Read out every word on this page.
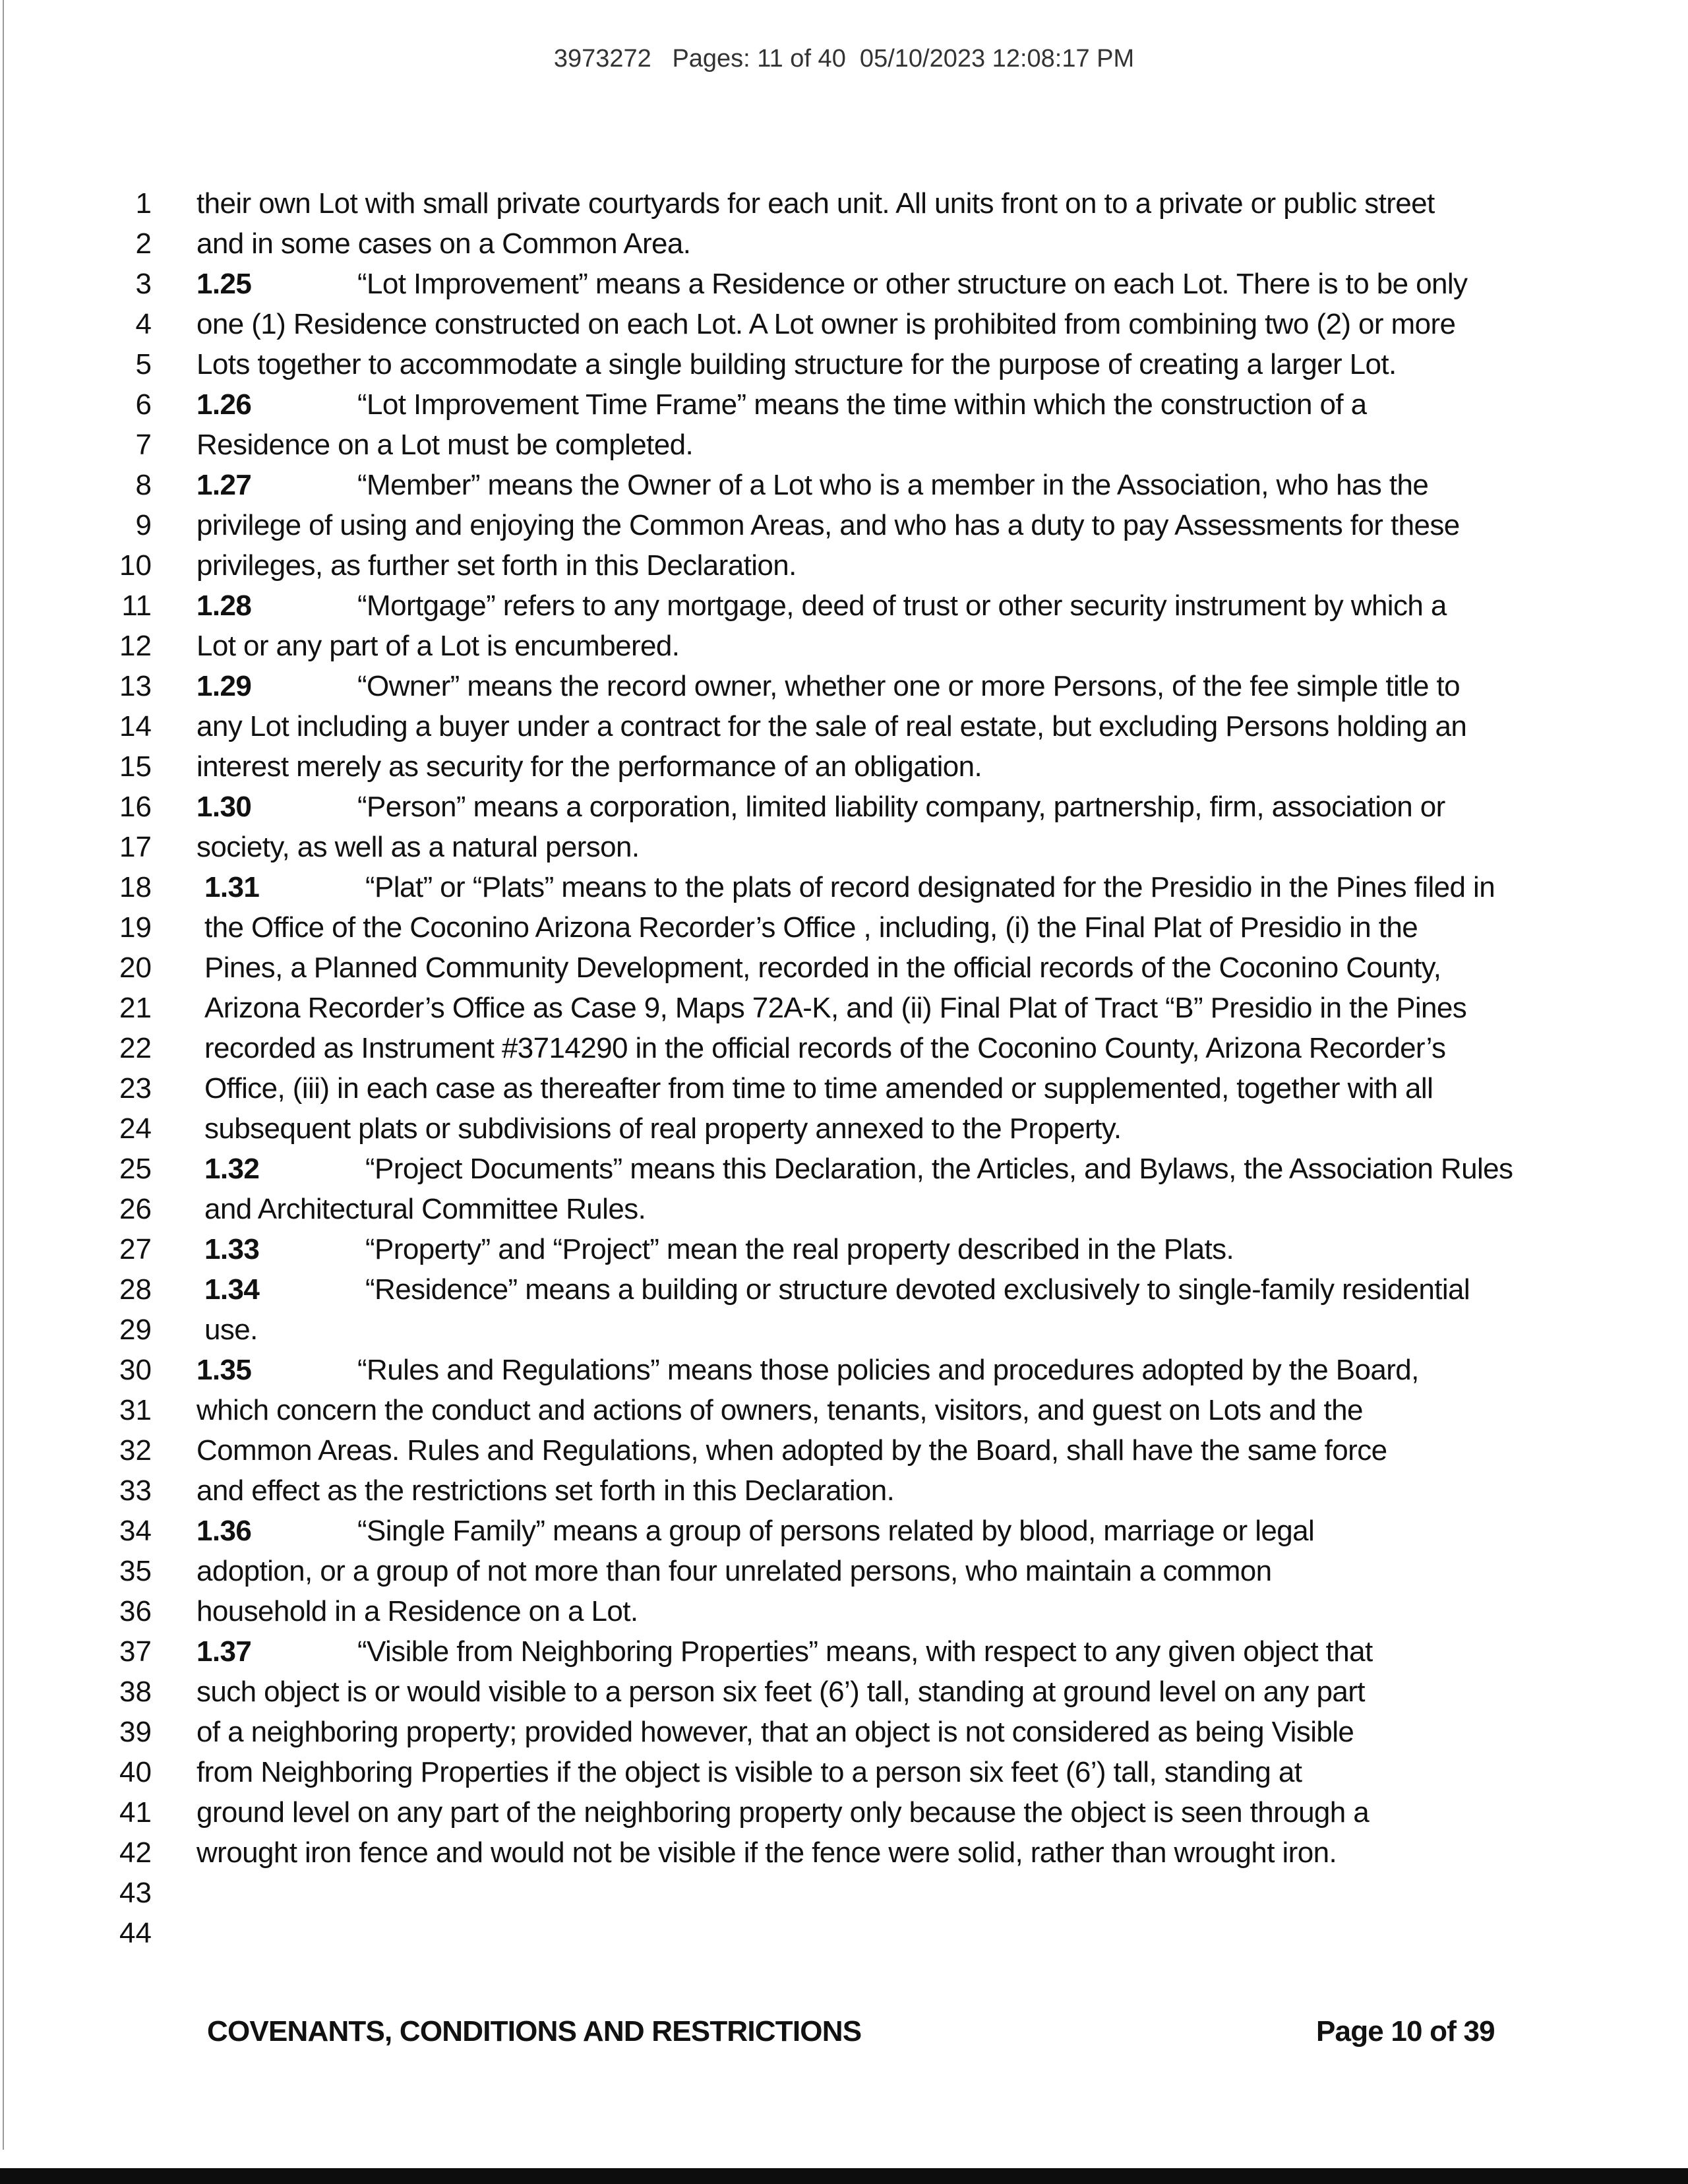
3973272   Pages: 11 of 40  05/10/2023 12:08:17 PM
1 their own Lot with small private courtyards for each unit. All units front on to a private or public street
2 and in some cases on a Common Area.
3 1.25	“Lot Improvement” means a Residence or other structure on each Lot. There is to be only
4 one (1) Residence constructed on each Lot. A Lot owner is prohibited from combining two (2) or more
5 Lots together to accommodate a single building structure for the purpose of creating a larger Lot.
6 1.26	“Lot Improvement Time Frame” means the time within which the construction of a
7 Residence on a Lot must be completed.
8 1.27	“Member” means the Owner of a Lot who is a member in the Association, who has the
9 privilege of using and enjoying the Common Areas, and who has a duty to pay Assessments for these
10 privileges, as further set forth in this Declaration.
11 1.28	“Mortgage” refers to any mortgage, deed of trust or other security instrument by which a
12 Lot or any part of a Lot is encumbered.
13 1.29	“Owner” means the record owner, whether one or more Persons, of the fee simple title to
14 any Lot including a buyer under a contract for the sale of real estate, but excluding Persons holding an
15 interest merely as security for the performance of an obligation.
16 1.30	“Person” means a corporation, limited liability company, partnership, firm, association or
17 society, as well as a natural person.
18 1.31	“Plat” or “Plats” means to the plats of record designated for the Presidio in the Pines filed in
19 the Office of the Coconino Arizona Recorder’s Office , including, (i) the Final Plat of Presidio in the
20 Pines, a Planned Community Development, recorded in the official records of the Coconino County,
21 Arizona Recorder’s Office as Case 9, Maps 72A-K, and (ii) Final Plat of Tract “B” Presidio in the Pines
22 recorded as Instrument #3714290 in the official records of the Coconino County, Arizona Recorder’s
23 Office, (iii) in each case as thereafter from time to time amended or supplemented, together with all
24 subsequent plats or subdivisions of real property annexed to the Property.
25 1.32	“Project Documents” means this Declaration, the Articles, and Bylaws, the Association Rules
26 and Architectural Committee Rules.
27 1.33	“Property” and “Project” mean the real property described in the Plats.
28 1.34	“Residence” means a building or structure devoted exclusively to single-family residential
29 use.
30 1.35	“Rules and Regulations” means those policies and procedures adopted by the Board,
31 which concern the conduct and actions of owners, tenants, visitors, and guest on Lots and the
32 Common Areas. Rules and Regulations, when adopted by the Board, shall have the same force
33 and effect as the restrictions set forth in this Declaration.
34 1.36	“Single Family” means a group of persons related by blood, marriage or legal
35 adoption, or a group of not more than four unrelated persons, who maintain a common
36 household in a Residence on a Lot.
37 1.37	“Visible from Neighboring Properties” means, with respect to any given object that
38 such object is or would visible to a person six feet (6’) tall, standing at ground level on any part
39 of a neighboring property; provided however, that an object is not considered as being Visible
40 from Neighboring Properties if the object is visible to a person six feet (6’) tall, standing at
41 ground level on any part of the neighboring property only because the object is seen through a
42 wrought iron fence and would not be visible if the fence were solid, rather than wrought iron.
43
44
COVENANTS, CONDITIONS AND RESTRICTIONS	Page 10 of 39
